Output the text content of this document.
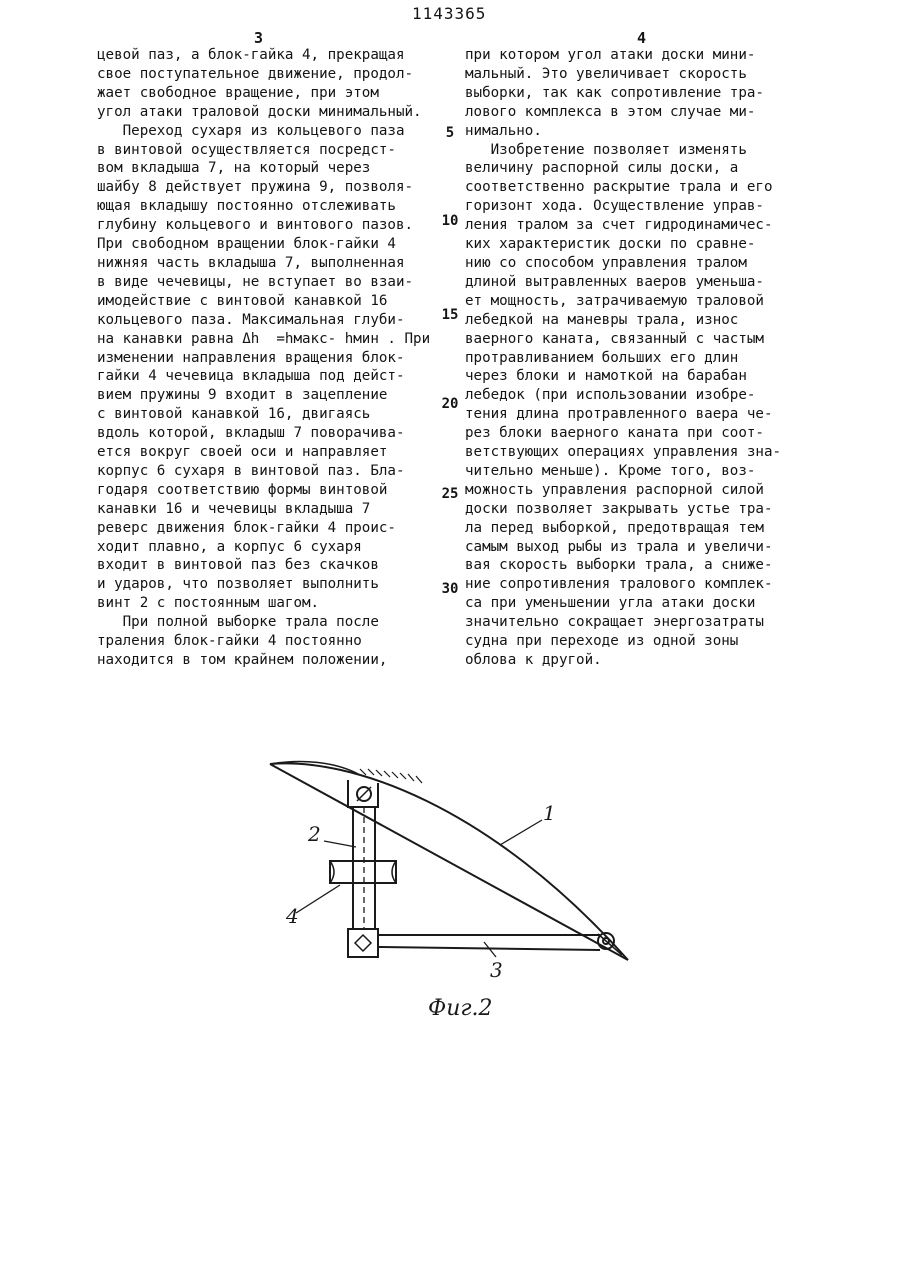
3
1143365
4

цевой паз, а блок-гайка 4, прекращая

свое поступательное движение, продол-

жает свободное вращение, при этом

угол атаки траловой доски минимальный.

Переход сухаря из кольцевого паза

в винтовой осуществляется посредст-

вом вкладыша 7, на который через

шайбу 8 действует пружина 9, позволя-

ющая вкладышу постоянно отслеживать

глубину кольцевого и винтового пазов.

При свободном вращении блок-гайки 4

нижняя часть вкладыша 7, выполненная

в виде чечевицы, не вступает во взаи-

имодействие с винтовой канавкой 16

кольцевого паза. Максимальная глуби-

на канавки равна Δh  =hмакс- hмин . При

изменении направления вращения блок-

гайки 4 чечевица вкладыша под дейст-

вием пружины 9 входит в зацепление

с винтовой канавкой 16, двигаясь

вдоль которой, вкладыш 7 поворачива-

ется вокруг своей оси и направляет

корпус 6 сухаря в винтовой паз. Бла-

годаря соответствию формы винтовой

канавки 16 и чечевицы вкладыша 7

реверс движения блок-гайки 4 проис-

ходит плавно, а корпус 6 сухаря

входит в винтовой паз без скачков

и ударов, что позволяет выполнить

винт 2 с постоянным шагом.

При полной выборке трала после

траления блок-гайки 4 постоянно

находится в том крайнем положении,

5
10
15
20
25
30

при котором угол атаки доски мини-

мальный. Это увеличивает скорость

выборки, так как сопротивление тра-

лового комплекса в этом случае ми-

нимально.

Изобретение позволяет изменять

величину распорной силы доски, а

соответственно раскрытие трала и его

горизонт хода. Осуществление управ-

ления тралом за счет гидродинамичес-

ких характеристик доски по сравне-

нию со способом управления тралом

длиной вытравленных ваеров уменьша-

ет мощность, затрачиваемую траловой

лебедкой на маневры трала, износ

ваерного каната, связанный с частым

протравливанием больших его длин

через блоки и намоткой на барабан

лебедок (при использовании изобре-

тения длина протравленного ваера че-

рез блоки ваерного каната при соот-

ветствующих операциях управления зна-

чительно меньше). Кроме того, воз-

можность управления распорной силой

доски позволяет закрывать устье тра-

ла перед выборкой, предотвращая тем

самым выход рыбы из трала и увеличи-

вая скорость выборки трала, а сниже-

ние сопротивления тралового комплек-

са при уменьшении угла атаки доски

значительно сокращает энергозатраты

судна при переходе из одной зоны

облова к другой.

1
2
3
4
Фиг.2
